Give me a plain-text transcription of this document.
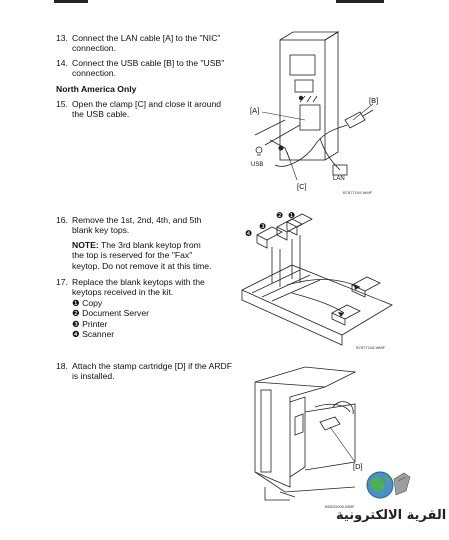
13. Connect the LAN cable [A] to the "NIC"
connection.
14. Connect the USB cable [B] to the "USB"
connection.
North America Only
15. Open the clamp [C] and close it around
the USB cable.
16. Remove the 1st, 2nd, 4th, and 5th
blank key tops.
NOTE: The 3rd blank keytop from
the top is reserved for the "Fax"
keytop. Do not remove it at this time.
17. Replace the blank keytops with the
keytops received in the kit.
❶ Copy
❷ Document Server
❸ Printer
❹ Scanner
18. Attach the stamp cartridge [D] if the ARDF
is installed.
[A]
[B]
[C]
USB
LAN
B787T109.WMF
❹
❸
❷ ❶
B787T108.WMF
[D]
B502D006.WMF
القرية الالكترونية
